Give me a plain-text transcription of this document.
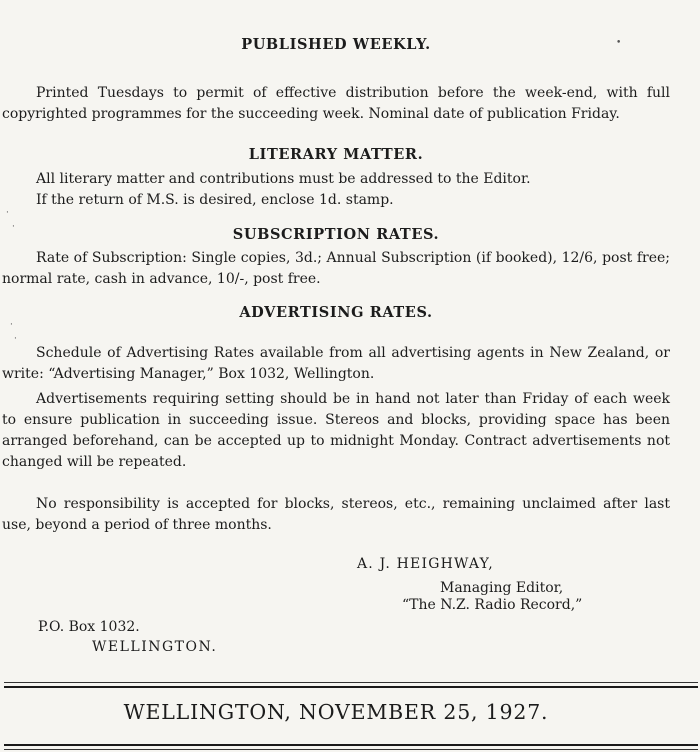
PUBLISHED WEEKLY.
Printed Tuesdays to permit of effective distribution before the week-end, with full copyrighted programmes for the succeeding week. Nominal date of publication Friday.
LITERARY MATTER.
All literary matter and contributions must be addressed to the Editor.
If the return of M.S. is desired, enclose 1d. stamp.
SUBSCRIPTION RATES.
Rate of Subscription: Single copies, 3d.; Annual Subscription (if booked), 12/6, post free; normal rate, cash in advance, 10/-, post free.
ADVERTISING RATES.
Schedule of Advertising Rates available from all advertising agents in New Zealand, or write: “Advertising Manager,” Box 1032, Wellington.
Advertisements requiring setting should be in hand not later than Friday of each week to ensure publication in succeeding issue. Stereos and blocks, providing space has been arranged beforehand, can be accepted up to midnight Monday. Contract advertisements not changed will be repeated.
No responsibility is accepted for blocks, stereos, etc., remaining unclaimed after last use, beyond a period of three months.
A. J. HEIGHWAY,
Managing Editor,
“The N.Z. Radio Record,”
P.O. Box 1032.
WELLINGTON.
WELLINGTON, NOVEMBER 25, 1927.
•
·
·
·
·
